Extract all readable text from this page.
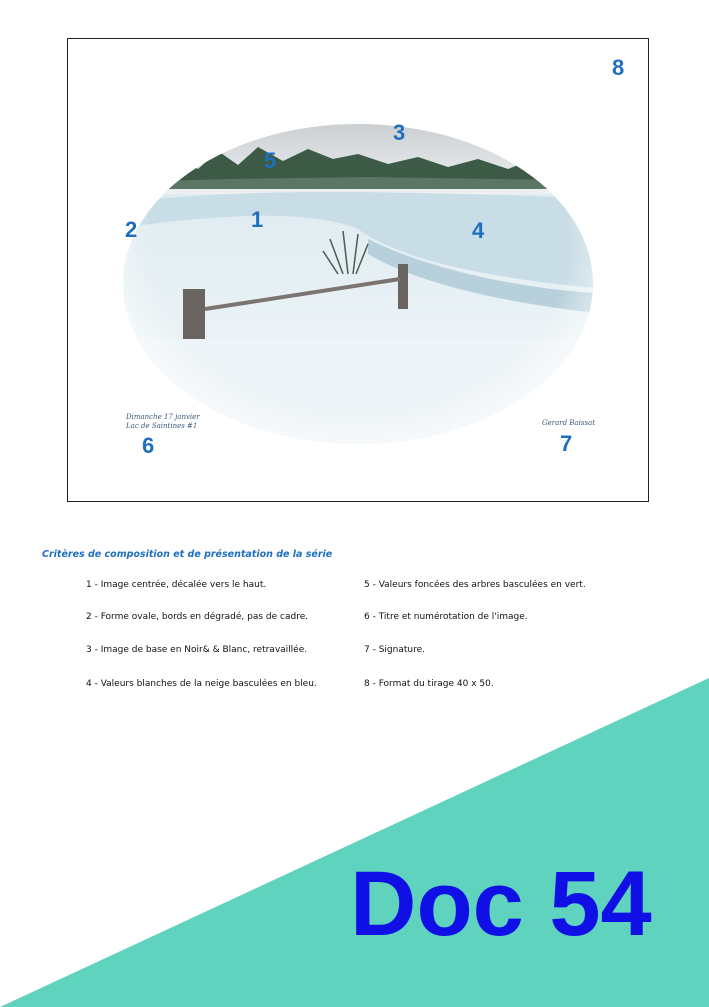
1
2
3
4
5
6	7
8
Dimanche 17 janvier
Lac de Saintines #1	Gerard Baissat
Critères de composition et de présentation de la série
1 - Image centrée, décalée vers le haut.
2 - Forme ovale, bords en dégradé, pas de cadre.
3 - Image de base en Noir& & Blanc, retravaillée.
4 - Valeurs blanches de la neige basculées en bleu.
5 - Valeurs foncées des arbres basculées en vert.
6 - Titre et numérotation de l'image.
7 - Signature.
8 - Format du tirage 40 x 50.
Doc 54
